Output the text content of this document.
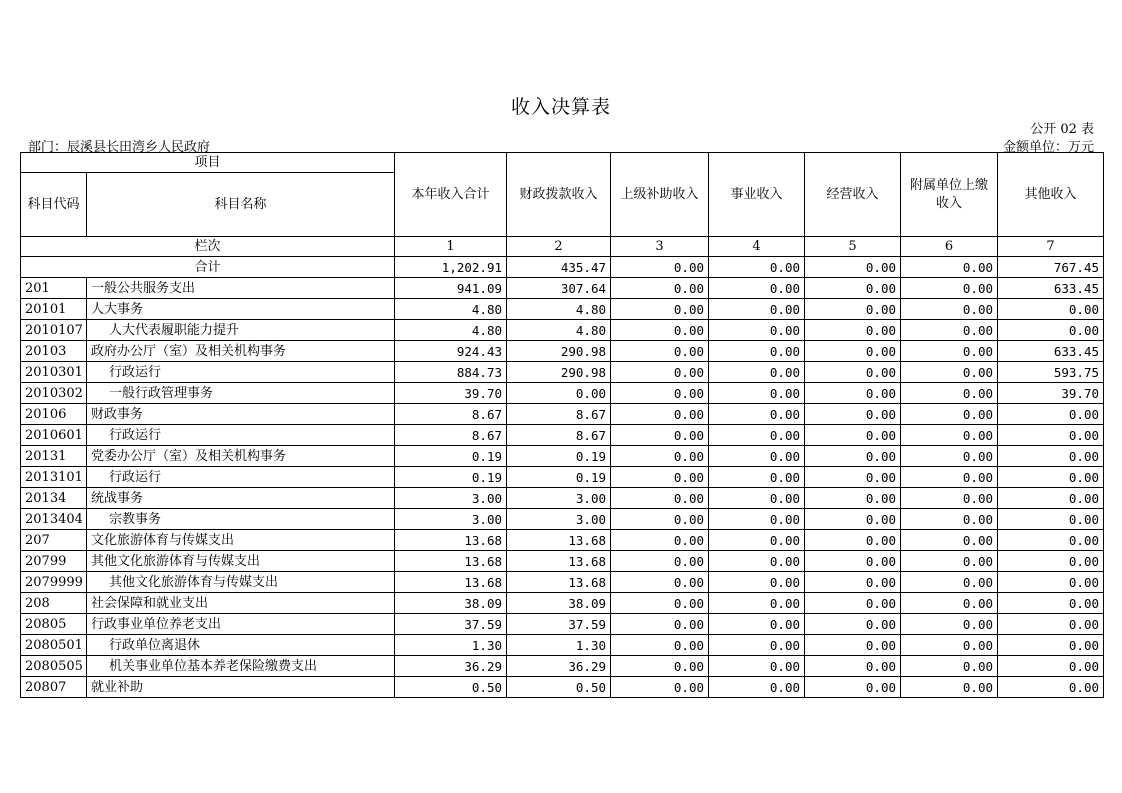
收入决算表
公开 02 表
部门：辰溪县长田湾乡人民政府	金额单位：万元
项目		本年收入合计	财政拨款收入	上级补助收入	事业收入	经营收入	附属单位上缴收入	其他收入
科目代码	科目名称							
栏次		1	2	3	4	5	6	7
合计		1,202.91	435.47	0.00	0.00	0.00	0.00	767.45
201	一般公共服务支出	941.09	307.64	0.00	0.00	0.00	0.00	633.45
20101	人大事务	4.80	4.80	0.00	0.00	0.00	0.00	0.00
2010107	人大代表履职能力提升	4.80	4.80	0.00	0.00	0.00	0.00	0.00
20103	政府办公厅（室）及相关机构事务	924.43	290.98	0.00	0.00	0.00	0.00	633.45
2010301	行政运行	884.73	290.98	0.00	0.00	0.00	0.00	593.75
2010302	一般行政管理事务	39.70	0.00	0.00	0.00	0.00	0.00	39.70
20106	财政事务	8.67	8.67	0.00	0.00	0.00	0.00	0.00
2010601	行政运行	8.67	8.67	0.00	0.00	0.00	0.00	0.00
20131	党委办公厅（室）及相关机构事务	0.19	0.19	0.00	0.00	0.00	0.00	0.00
2013101	行政运行	0.19	0.19	0.00	0.00	0.00	0.00	0.00
20134	统战事务	3.00	3.00	0.00	0.00	0.00	0.00	0.00
2013404	宗教事务	3.00	3.00	0.00	0.00	0.00	0.00	0.00
207	文化旅游体育与传媒支出	13.68	13.68	0.00	0.00	0.00	0.00	0.00
20799	其他文化旅游体育与传媒支出	13.68	13.68	0.00	0.00	0.00	0.00	0.00
2079999	其他文化旅游体育与传媒支出	13.68	13.68	0.00	0.00	0.00	0.00	0.00
208	社会保障和就业支出	38.09	38.09	0.00	0.00	0.00	0.00	0.00
20805	行政事业单位养老支出	37.59	37.59	0.00	0.00	0.00	0.00	0.00
2080501	行政单位离退休	1.30	1.30	0.00	0.00	0.00	0.00	0.00
2080505	机关事业单位基本养老保险缴费支出	36.29	36.29	0.00	0.00	0.00	0.00	0.00
20807	就业补助	0.50	0.50	0.00	0.00	0.00	0.00	0.00
